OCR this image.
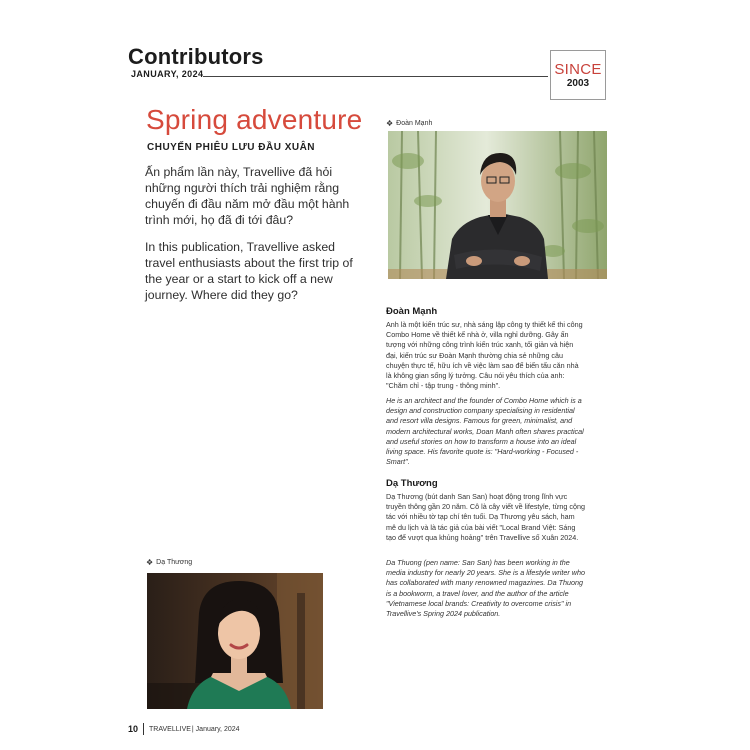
Contributors
JANUARY, 2024	SINCE
2003
Spring adventure
CHUYẾN PHIÊU LƯU ĐẦU XUÂN
Ấn phẩm lần này, Travellive đã hỏi những người thích trải nghiệm rằng chuyến đi đầu năm mở đầu một hành trình mới, họ đã đi tới đâu?
In this publication, Travellive asked travel enthusiasts about the first trip of the year or a start to kick off a new journey. Where did they go?
❖ Đoàn Mạnh
Đoàn Mạnh
Anh là một kiến trúc sư, nhà sáng lập công ty thiết kế thi công Combo Home về thiết kế nhà ở, villa nghỉ dưỡng. Gây ấn tượng với những công trình kiến trúc xanh, tối giản và hiện đại, kiến trúc sư Đoàn Mạnh thường chia sẻ những câu chuyện thực tế, hữu ích về việc làm sao để biến tấu căn nhà là không gian sống lý tưởng. Câu nói yêu thích của anh: "Chăm chỉ - tập trung - thông minh".
He is an architect and the founder of Combo Home which is a design and construction company specialising in residential and resort villa designs. Famous for green, minimalist, and modern architectural works, Doan Manh often shares practical and useful stories on how to transform a house into an ideal living space. His favorite quote is: "Hard-working - Focused - Smart".
Dạ Thương
Dạ Thương (bút danh San San) hoạt động trong lĩnh vực truyền thông gần 20 năm. Cô là cây viết về lifestyle, từng cộng tác với nhiều tờ tạp chí tên tuổi. Dạ Thương yêu sách, ham mê du lịch và là tác giả của bài viết "Local Brand Việt: Sáng tạo để vượt qua khủng hoảng" trên Travellive số Xuân 2024.
Da Thuong (pen name: San San) has been working in the media industry for nearly 20 years. She is a lifestyle writer who has collaborated with many renowned magazines. Da Thuong is a bookworm, a travel lover, and the author of the article "Vietnamese local brands: Creativity to overcome crisis" in Travellive's Spring 2024 publication.
❖ Dạ Thương
10 TRAVELLIVE | January, 2024
